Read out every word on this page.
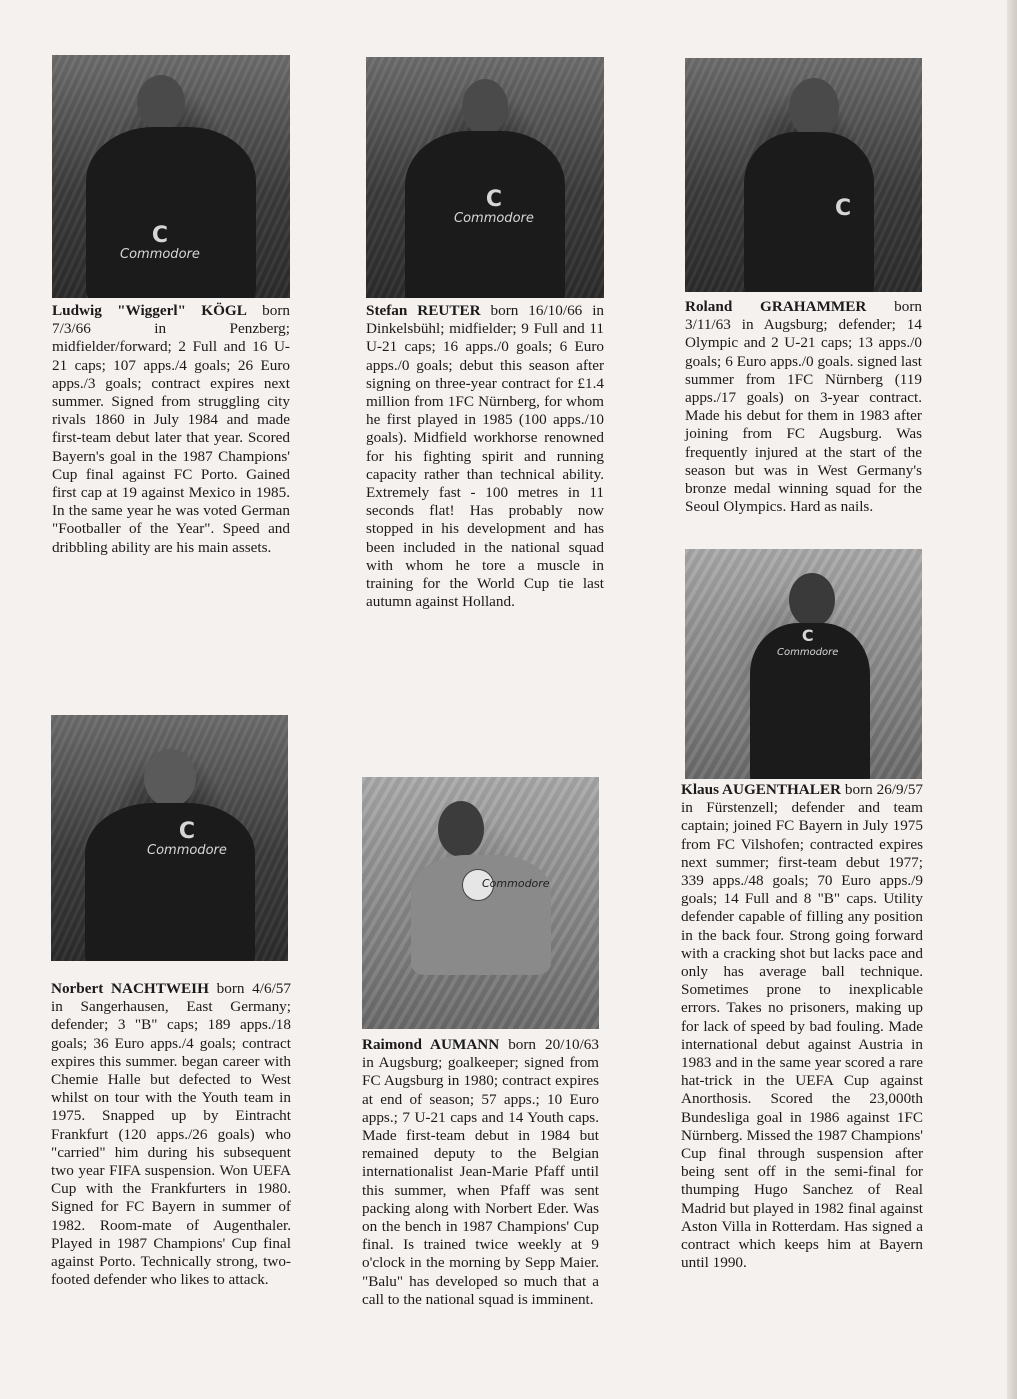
C
Commodore
C
Commodore	C
C
Commodore
C
Commodore
Commodore

Ludwig "Wiggerl" KÖGL born 7/3/66 in Penzberg; midfielder/forward; 2 Full and 16 U-21 caps; 107 apps./4 goals; 26 Euro apps./3 goals; contract expires next summer. Signed from struggling city rivals 1860 in July 1984 and made first-team debut later that year. Scored Bayern's goal in the 1987 Champions' Cup final against FC Porto. Gained first cap at 19 against Mexico in 1985. In the same year he was voted German "Footballer of the Year". Speed and dribbling ability are his main assets.

Stefan REUTER born 16/10/66 in Dinkelsbühl; midfielder; 9 Full and 11 U-21 caps; 16 apps./0 goals; 6 Euro apps./0 goals; debut this season after signing on three-year contract for £1.4 million from 1FC Nürnberg, for whom he first played in 1985 (100 apps./10 goals). Midfield workhorse renowned for his fighting spirit and running capacity rather than technical ability. Extremely fast - 100 metres in 11 seconds flat! Has probably now stopped in his development and has been included in the national squad with whom he tore a muscle in training for the World Cup tie last autumn against Holland.

Roland GRAHAMMER born 3/11/63 in Augsburg; defender; 14 Olympic and 2 U-21 caps; 13 apps./0 goals; 6 Euro apps./0 goals. signed last summer from 1FC Nürnberg (119 apps./17 goals) on 3-year contract. Made his debut for them in 1983 after joining from FC Augsburg. Was frequently injured at the start of the season but was in West Germany's bronze medal winning squad for the Seoul Olympics. Hard as nails.

Norbert NACHTWEIH born 4/6/57 in Sangerhausen, East Germany; defender; 3 "B" caps; 189 apps./18 goals; 36 Euro apps./4 goals; contract expires this summer. began career with Chemie Halle but defected to West whilst on tour with the Youth team in 1975. Snapped up by Eintracht Frankfurt (120 apps./26 goals) who "carried" him during his subsequent two year FIFA suspension. Won UEFA Cup with the Frankfurters in 1980. Signed for FC Bayern in summer of 1982. Room-mate of Augenthaler. Played in 1987 Champions' Cup final against Porto. Technically strong, two-footed defender who likes to attack.

Raimond AUMANN born 20/10/63 in Augsburg; goalkeeper; signed from FC Augsburg in 1980; contract expires at end of season; 57 apps.; 10 Euro apps.; 7 U-21 caps and 14 Youth caps. Made first-team debut in 1984 but remained deputy to the Belgian internationalist Jean-Marie Pfaff until this summer, when Pfaff was sent packing along with Norbert Eder. Was on the bench in 1987 Champions' Cup final. Is trained twice weekly at 9 o'clock in the morning by Sepp Maier. "Balu" has developed so much that a call to the national squad is imminent.

Klaus AUGENTHALER born 26/9/57 in Fürstenzell; defender and team captain; joined FC Bayern in July 1975 from FC Vilshofen; contracted expires next summer; first-team debut 1977; 339 apps./48 goals; 70 Euro apps./9 goals; 14 Full and 8 "B" caps. Utility defender capable of filling any position in the back four. Strong going forward with a cracking shot but lacks pace and only has average ball technique. Sometimes prone to inexplicable errors. Takes no prisoners, making up for lack of speed by bad fouling. Made international debut against Austria in 1983 and in the same year scored a rare hat-trick in the UEFA Cup against Anorthosis. Scored the 23,000th Bundesliga goal in 1986 against 1FC Nürnberg. Missed the 1987 Champions' Cup final through suspension after being sent off in the semi-final for thumping Hugo Sanchez of Real Madrid but played in 1982 final against Aston Villa in Rotterdam. Has signed a contract which keeps him at Bayern until 1990.
